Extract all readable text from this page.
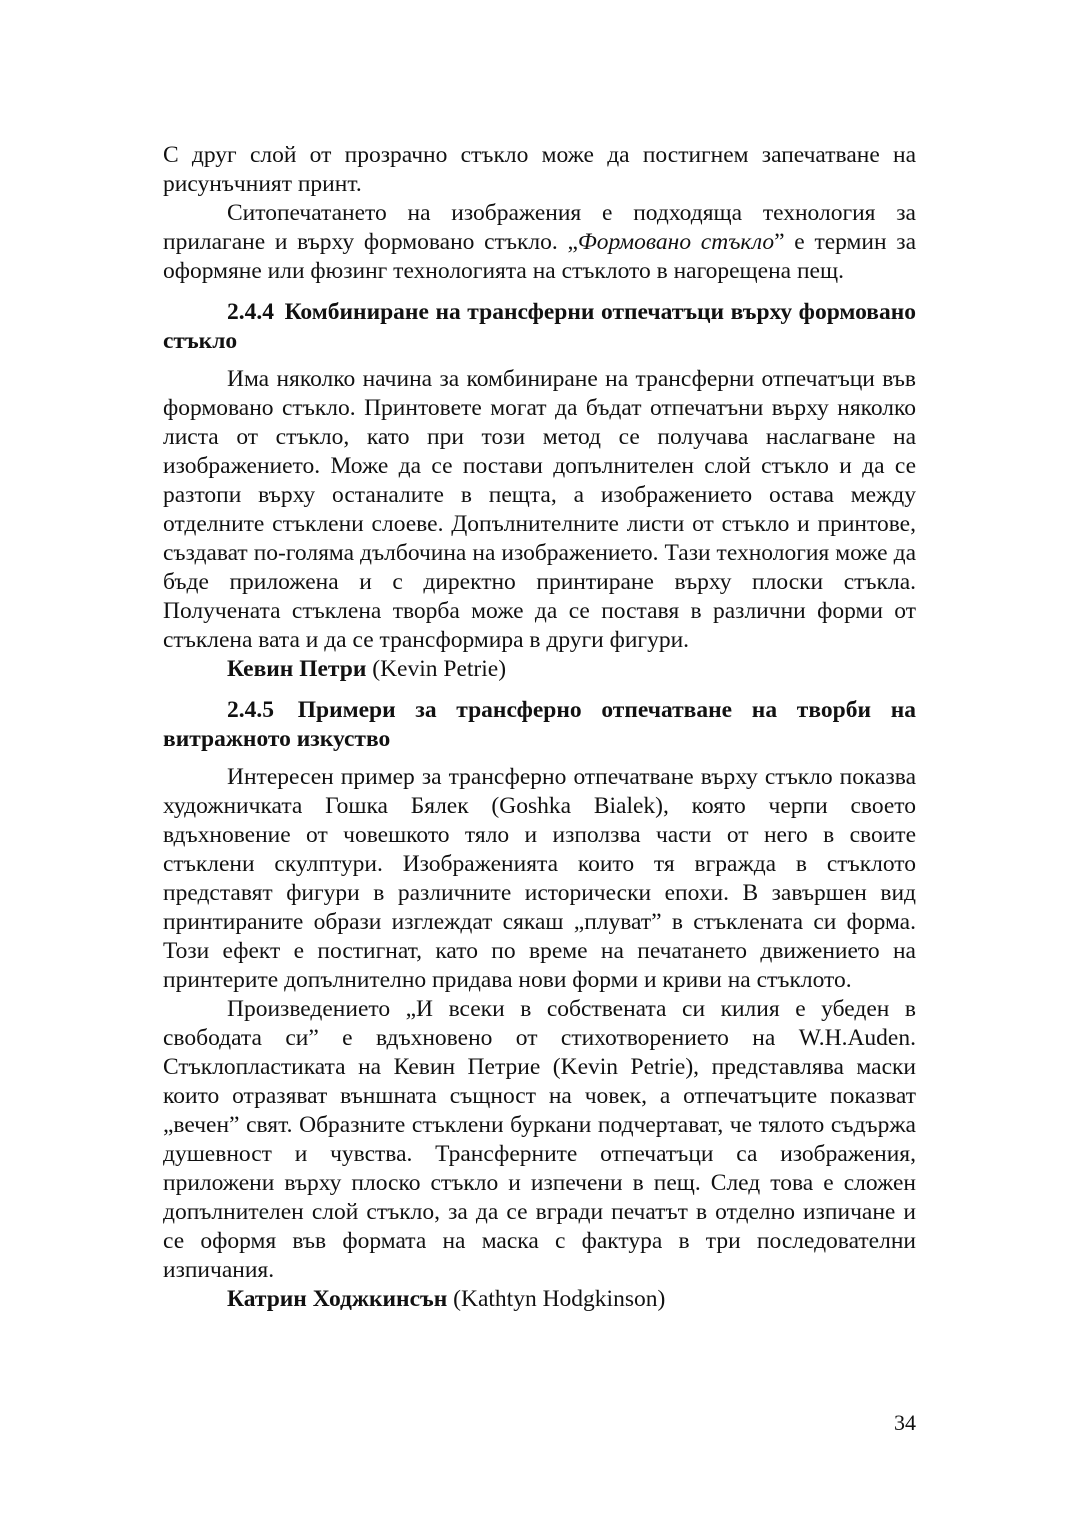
С друг слой от прозрачно стъкло може да постигнем запечатване на рисунъчният принт.

Ситопечатането на изображения е подходяща технология за прилагане и върху формовано стъкло. „Формовано стъкло” е термин за оформяне или фюзинг технологията на стъклото в нагорещена пещ.

2.4.4 Комбиниране на трансферни отпечатъци върху формовано стъкло

Има няколко начина за комбиниране на трансферни отпечатъци във формовано стъкло. Принтовете могат да бъдат отпечатъни върху няколко листа от стъкло, като при този метод се получава наслагване на изображението. Може да се постави допълнителен слой стъкло и да се разтопи върху останалите в пещта, а изображението остава между отделните стъклени слоеве. Допълнителните листи от стъкло и принтове, създават по-голяма дълбочина на изображението. Тази технология може да бъде приложена и с директно принтиране върху плоски стъкла. Получената стъклена творба може да се поставя в различни форми от стъклена вата и да се трансформира в други фигури.

Кевин Петри (Kevin Petrie)

2.4.5 Примери за трансферно отпечатване на творби на витражното изкуство

Интересен пример за трансферно отпечатване върху стъкло показва художничката Гошка Бялек (Goshka Bialek), която черпи своето вдъхновение от човешкото тяло и използва части от него в своите стъклени скулптури. Изображенията които тя вгражда в стъклото представят фигури в различните исторически епохи. В завършен вид принтираните образи изглеждат сякаш „плуват” в стъклената си форма. Този ефект е постигнат, като по време на печатането движението на принтерите допълнително придава нови форми и криви на стъклото.

Произведението „И всеки в собствената си килия е убеден в свободата си” е вдъхновено от стихотворението на W.H.Auden. Стъклопластиката на Кевин Петрие (Kevin Petrie), представлява маски които отразяват външната същност на човек, а отпечатъците показват „вечен” свят. Образните стъклени буркани подчертават, че тялото съдържа душевност и чувства. Трансферните отпечатъци са изображения, приложени върху плоско стъкло и изпечени в пещ. След това е сложен допълнителен слой стъкло, за да се вгради печатът в отделно изпичане и се оформя във формата на маска с фактура в три последователни изпичания.

Катрин Ходжкинсън (Kathtyn Hodgkinson)

34
